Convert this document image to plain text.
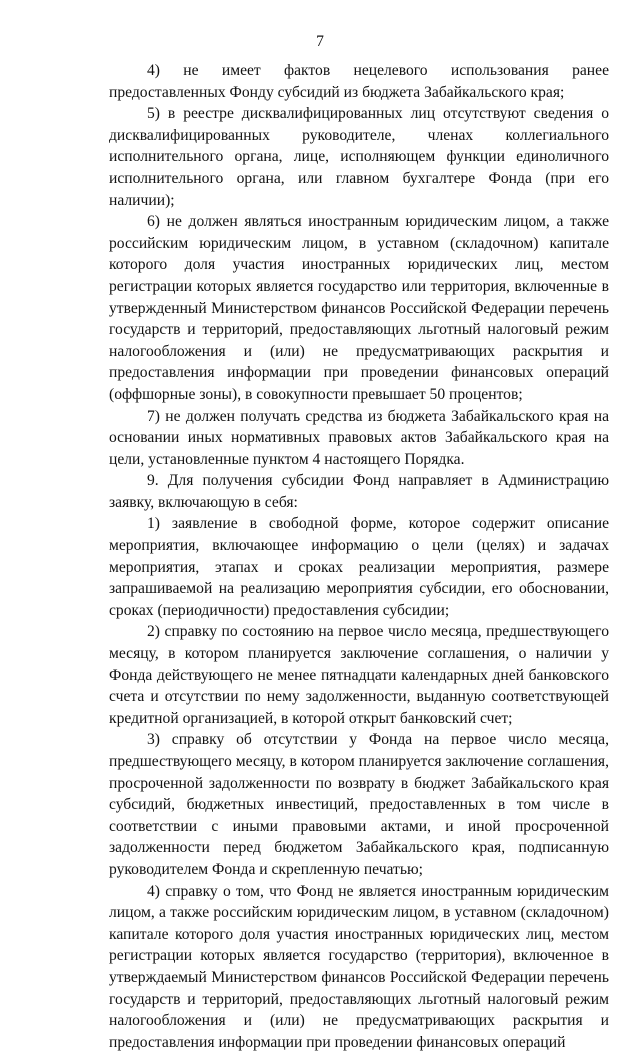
7

4) не имеет фактов нецелевого использования ранее предоставленных Фонду субсидий из бюджета Забайкальского края;

5) в реестре дисквалифицированных лиц отсутствуют сведения о дисквалифицированных руководителе, членах коллегиального исполнительного органа, лице, исполняющем функции единоличного исполнительного органа, или главном бухгалтере Фонда (при его наличии);

6) не должен являться иностранным юридическим лицом, а также российским юридическим лицом, в уставном (складочном) капитале которого доля участия иностранных юридических лиц, местом регистрации которых является государство или территория, включенные в утвержденный Министерством финансов Российской Федерации перечень государств и территорий, предоставляющих льготный налоговый режим налогообложения и (или) не предусматривающих раскрытия и предоставления информации при проведении финансовых операций (оффшорные зоны), в совокупности превышает 50 процентов;

7) не должен получать средства из бюджета Забайкальского края на основании иных нормативных правовых актов Забайкальского края на цели, установленные пунктом 4 настоящего Порядка.

9. Для получения субсидии Фонд направляет в Администрацию заявку, включающую в себя:

1) заявление в свободной форме, которое содержит описание мероприятия, включающее информацию о цели (целях) и задачах мероприятия, этапах и сроках реализации мероприятия, размере запрашиваемой на реализацию мероприятия субсидии, его обосновании, сроках (периодичности) предоставления субсидии;

2) справку по состоянию на первое число месяца, предшествующего месяцу, в котором планируется заключение соглашения, о наличии у Фонда действующего не менее пятнадцати календарных дней банковского счета и отсутствии по нему задолженности, выданную соответствующей кредитной организацией, в которой открыт банковский счет;

3) справку об отсутствии у Фонда на первое число месяца, предшествующего месяцу, в котором планируется заключение соглашения, просроченной задолженности по возврату в бюджет Забайкальского края субсидий, бюджетных инвестиций, предоставленных в том числе в соответствии с иными правовыми актами, и иной просроченной задолженности перед бюджетом Забайкальского края, подписанную руководителем Фонда и скрепленную печатью;

4) справку о том, что Фонд не является иностранным юридическим лицом, а также российским юридическим лицом, в уставном (складочном) капитале которого доля участия иностранных юридических лиц, местом регистрации которых является государство (территория), включенное в утверждаемый Министерством финансов Российской Федерации перечень государств и территорий, предоставляющих льготный налоговый режим налогообложения и (или) не предусматривающих раскрытия и предоставления информации при проведении финансовых операций
